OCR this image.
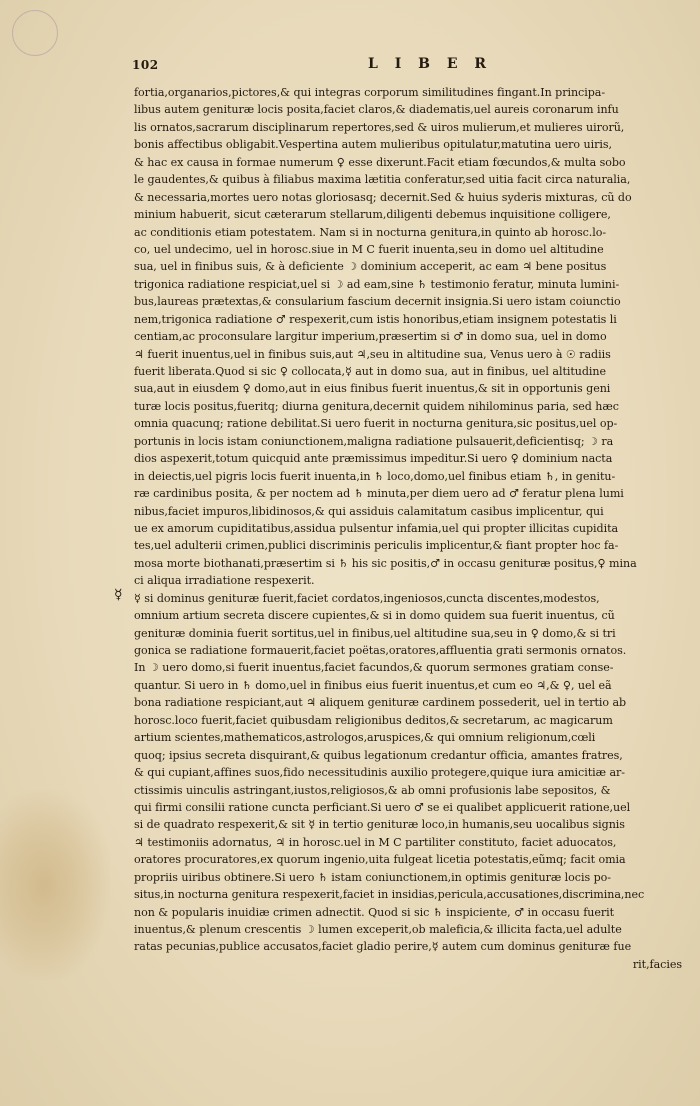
102	L I B E R
☿
fortia,organarios,pictores,& qui integras corporum similitudines fingant.In principa-
libus autem genituræ locis posita,faciet claros,& diadematis,uel aureis coronarum infu
lis ornatos,sacrarum disciplinarum repertores,sed & uiros mulierum,et mulieres uirorũ,
bonis affectibus obligabit.Vespertina autem mulieribus opitulatur,matutina uero uiris,
& hac ex causa in formae numerum ♀ esse dixerunt.Facit etiam fœcundos,& multa sobo
le gaudentes,& quibus à filiabus maxima lætitia conferatur,sed uitia facit circa naturalia,
& necessaria,mortes uero notas gloriosasq; decernit.Sed & huius syderis mixturas, cũ do
minium habuerit, sicut cæterarum stellarum,diligenti debemus inquisitione colligere,
ac conditionis etiam potestatem. Nam si in nocturna genitura,in quinto ab horosc.lo-
co, uel undecimo, uel in horosc.siue in M C fuerit inuenta,seu in domo uel altitudine
sua, uel in finibus suis, & à deficiente ☽ dominium acceperit, ac eam ♃ bene positus
trigonica radiatione respiciat,uel si ☽ ad eam,sine ♄ testimonio feratur, minuta lumini-
bus,laureas prætextas,& consularium fascium decernit insignia.Si uero istam coiunctio
nem,trigonica radiatione ♂ respexerit,cum istis honoribus,etiam insignem potestatis li
centiam,ac proconsulare largitur imperium,præsertim si ♂ in domo sua, uel in domo
♃ fuerit inuentus,uel in finibus suis,aut ♃,seu in altitudine sua, Venus uero à ☉ radiis
fuerit liberata.Quod si sic ♀ collocata,☿ aut in domo sua, aut in finibus, uel altitudine
sua,aut in eiusdem ♀ domo,aut in eius finibus fuerit inuentus,& sit in opportunis geni
turæ locis positus,fueritq; diurna genitura,decernit quidem nihilominus paria, sed hæc
omnia quacunq; ratione debilitat.Si uero fuerit in nocturna genitura,sic positus,uel op-
portunis in locis istam coniunctionem,maligna radiatione pulsauerit,deficientisq; ☽ ra
dios aspexerit,totum quicquid ante præmissimus impeditur.Si uero ♀ dominium nacta
in deiectis,uel pigris locis fuerit inuenta,in ♄ loco,domo,uel finibus etiam ♄, in genitu-
ræ cardinibus posita, & per noctem ad ♄ minuta,per diem uero ad ♂ feratur plena lumi
nibus,faciet impuros,libidinosos,& qui assiduis calamitatum casibus implicentur, qui
ue ex amorum cupiditatibus,assidua pulsentur infamia,uel qui propter illicitas cupidita
tes,uel adulterii crimen,publici discriminis periculis implicentur,& fiant propter hoc fa-
mosa morte biothanati,præsertim si ♄ his sic positis,♂ in occasu genituræ positus,♀ mina
ci aliqua irradiatione respexerit.
☿ si dominus genituræ fuerit,faciet cordatos,ingeniosos,cuncta discentes,modestos,
omnium artium secreta discere cupientes,& si in domo quidem sua fuerit inuentus, cũ
genituræ dominia fuerit sortitus,uel in finibus,uel altitudine sua,seu in ♀ domo,& si tri
gonica se radiatione formauerit,faciet poëtas,oratores,affluentia grati sermonis ornatos.
In ☽ uero domo,si fuerit inuentus,faciet facundos,& quorum sermones gratiam conse-
quantur. Si uero in ♄ domo,uel in finibus eius fuerit inuentus,et cum eo ♃,& ♀, uel eã
bona radiatione respiciant,aut ♃ aliquem genituræ cardinem possederit, uel in tertio ab
horosc.loco fuerit,faciet quibusdam religionibus deditos,& secretarum, ac magicarum
artium scientes,mathematicos,astrologos,aruspices,& qui omnium religionum,cœli
quoq; ipsius secreta disquirant,& quibus legationum credantur officia, amantes fratres,
& qui cupiant,affines suos,fido necessitudinis auxilio protegere,quique iura amicitiæ ar-
ctissimis uinculis astringant,iustos,religiosos,& ab omni profusionis labe sepositos, &
qui firmi consilii ratione cuncta perficiant.Si uero ♂ se ei qualibet applicuerit ratione,uel
si de quadrato respexerit,& sit ☿ in tertio genituræ loco,in humanis,seu uocalibus signis
♃ testimoniis adornatus, ♃ in horosc.uel in M C partiliter constituto, faciet aduocatos,
oratores procuratores,ex quorum ingenio,uita fulgeat licetia potestatis,eũmq; facit omia
propriis uiribus obtinere.Si uero ♄ istam coniunctionem,in optimis genituræ locis po-
situs,in nocturna genitura respexerit,faciet in insidias,pericula,accusationes,discrimina,nec
non & popularis inuidiæ crimen adnectit. Quod si sic ♄ inspiciente, ♂ in occasu fuerit
inuentus,& plenum crescentis ☽ lumen exceperit,ob maleficia,& illicita facta,uel adulte
ratas pecunias,publice accusatos,faciet gladio perire,☿ autem cum dominus genituræ fue
rit,facies
